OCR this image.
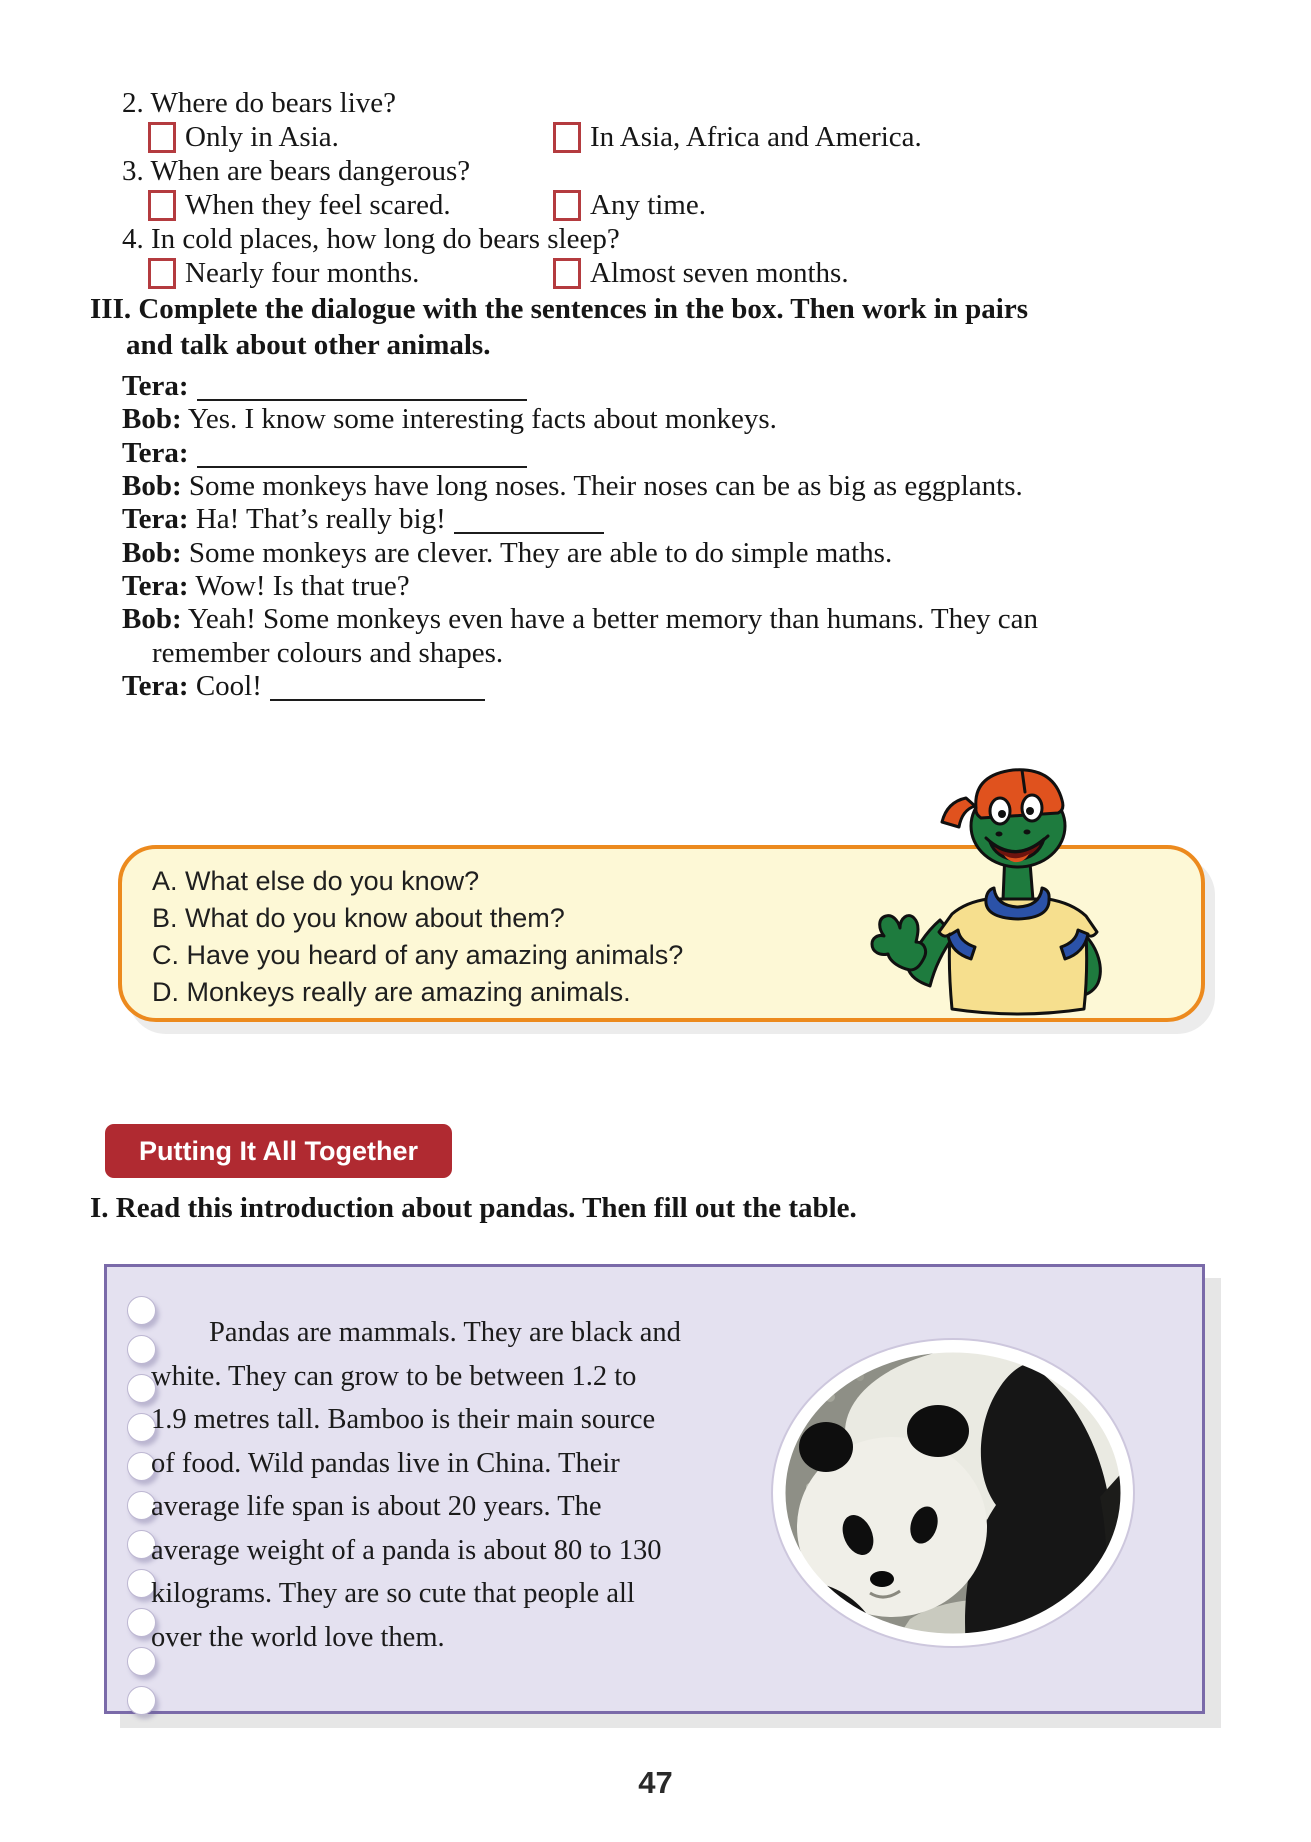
2. Where do bears live?
Only in Asia.	In Asia, Africa and America.
3. When are bears dangerous?
When they feel scared.	Any time.
4. In cold places, how long do bears sleep?
Nearly four months.	Almost seven months.
III. Complete the dialogue with the sentences in the box. Then work in pairs
and talk about other animals.
Tera:
Bob: Yes. I know some interesting facts about monkeys.
Tera:
Bob: Some monkeys have long noses. Their noses can be as big as eggplants.
Tera: Ha! That’s really big!
Bob: Some monkeys are clever. They are able to do simple maths.
Tera: Wow! Is that true?
Bob: Yeah! Some monkeys even have a better memory than humans. They can
remember colours and shapes.
Tera: Cool!
A. What else do you know?
B. What do you know about them?
C. Have you heard of any amazing animals?
D. Monkeys really are amazing animals.
Putting It All Together
I. Read this introduction about pandas. Then fill out the table.
Pandas are mammals. They are black and
white. They can grow to be between 1.2 to
1.9 metres tall. Bamboo is their main source
of food. Wild pandas live in China. Their
average life span is about 20 years. The
average weight of a panda is about 80 to 130
kilograms. They are so cute that people all
over the world love them.
47
